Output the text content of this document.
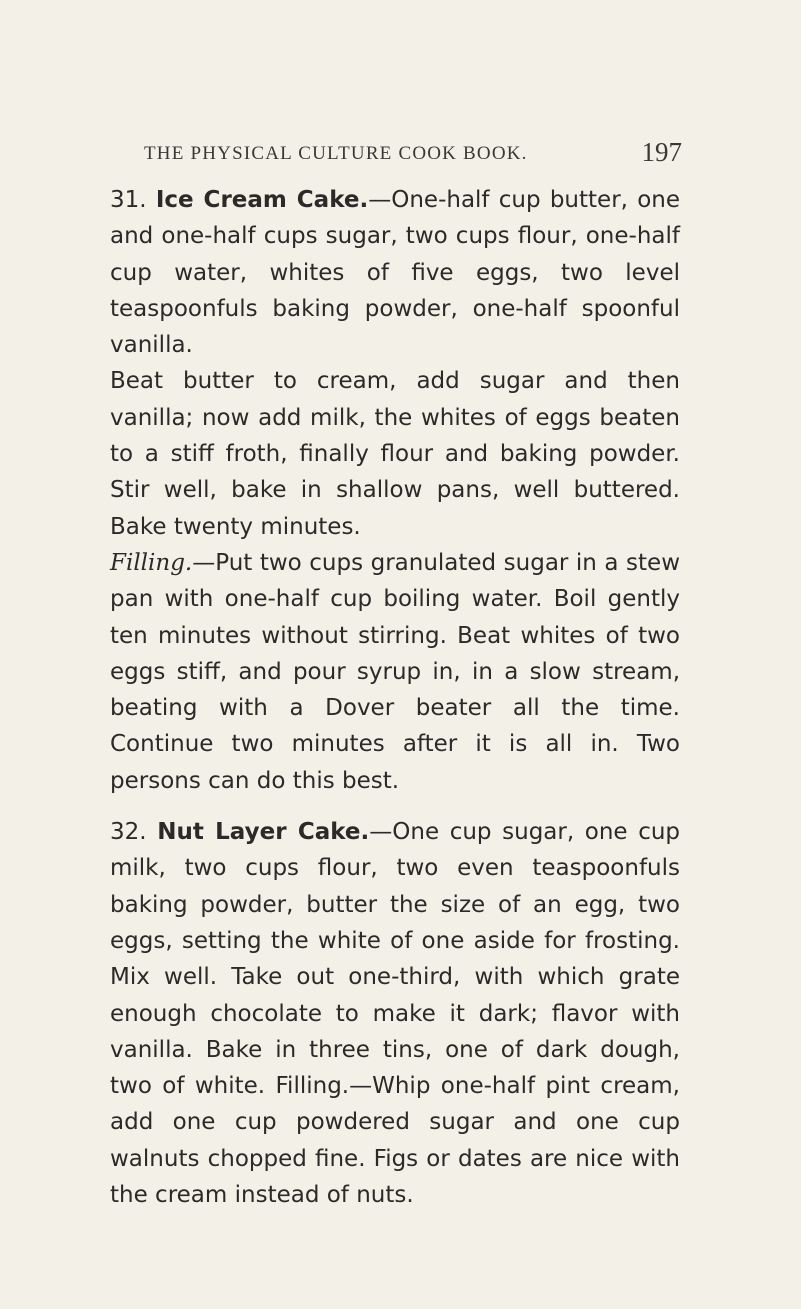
THE PHYSICAL CULTURE COOK BOOK.	197

31. Ice Cream Cake.—One-half cup butter, one and one-half cups sugar, two cups flour, one-half cup water, whites of five eggs, two level teaspoonfuls baking powder, one-half spoonful vanilla.

Beat butter to cream, add sugar and then vanilla; now add milk, the whites of eggs beaten to a stiff froth, finally flour and baking powder. Stir well, bake in shallow pans, well buttered. Bake twenty minutes.

Filling.—Put two cups granulated sugar in a stew pan with one-half cup boiling water. Boil gently ten minutes without stirring. Beat whites of two eggs stiff, and pour syrup in, in a slow stream, beating with a Dover beater all the time. Continue two minutes after it is all in. Two persons can do this best.

32. Nut Layer Cake.—One cup sugar, one cup milk, two cups flour, two even teaspoonfuls baking powder, butter the size of an egg, two eggs, setting the white of one aside for frosting. Mix well. Take out one-third, with which grate enough chocolate to make it dark; flavor with vanilla. Bake in three tins, one of dark dough, two of white. Filling.—Whip one-half pint cream, add one cup powdered sugar and one cup walnuts chopped fine. Figs or dates are nice with the cream instead of nuts.
